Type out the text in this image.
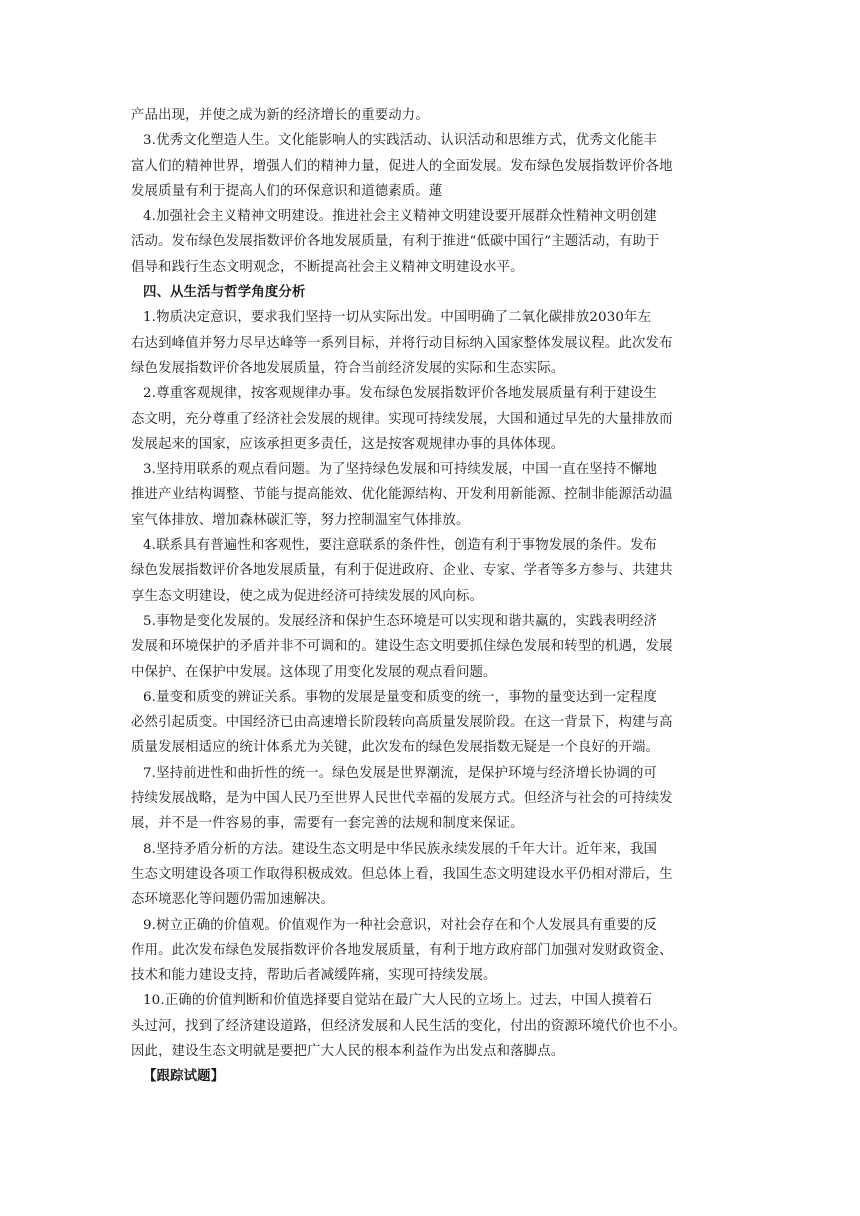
产品出现，并使之成为新的经济增长的重要动力。
3.优秀文化塑造人生。文化能影响人的实践活动、认识活动和思维方式，优秀文化能丰
富人们的精神世界，增强人们的精神力量，促进人的全面发展。发布绿色发展指数评价各地
发展质量有利于提高人们的环保意识和道德素质。蓮
4.加强社会主义精神文明建设。推进社会主义精神文明建设要开展群众性精神文明创建
活动。发布绿色发展指数评价各地发展质量，有利于推进“低碳中国行”主题活动，有助于
倡导和践行生态文明观念，不断提高社会主义精神文明建设水平。
四、从生活与哲学角度分析
1.物质决定意识，要求我们坚持一切从实际出发。中国明确了二氧化碳排放2030年左
右达到峰值并努力尽早达峰等一系列目标，并将行动目标纳入国家整体发展议程。此次发布
绿色发展指数评价各地发展质量，符合当前经济发展的实际和生态实际。
2.尊重客观规律，按客观规律办事。发布绿色发展指数评价各地发展质量有利于建设生
态文明，充分尊重了经济社会发展的规律。实现可持续发展，大国和通过早先的大量排放而
发展起来的国家，应该承担更多责任，这是按客观规律办事的具体体现。
3.坚持用联系的观点看问题。为了坚持绿色发展和可持续发展，中国一直在坚持不懈地
推进产业结构调整、节能与提高能效、优化能源结构、开发利用新能源、控制非能源活动温
室气体排放、增加森林碳汇等，努力控制温室气体排放。
4.联系具有普遍性和客观性，要注意联系的条件性，创造有利于事物发展的条件。发布
绿色发展指数评价各地发展质量，有利于促进政府、企业、专家、学者等多方参与、共建共
享生态文明建设，使之成为促进经济可持续发展的风向标。
5.事物是变化发展的。发展经济和保护生态环境是可以实现和谐共赢的，实践表明经济
发展和环境保护的矛盾并非不可调和的。建设生态文明要抓住绿色发展和转型的机遇，发展
中保护、在保护中发展。这体现了用变化发展的观点看问题。
6.量变和质变的辨证关系。事物的发展是量变和质变的统一，事物的量变达到一定程度
必然引起质变。中国经济已由高速增长阶段转向高质量发展阶段。在这一背景下，构建与高
质量发展相适应的统计体系尤为关键，此次发布的绿色发展指数无疑是一个良好的开端。
7.坚持前进性和曲折性的统一。绿色发展是世界潮流，是保护环境与经济增长协调的可
持续发展战略，是为中国人民乃至世界人民世代幸福的发展方式。但经济与社会的可持续发
展，并不是一件容易的事，需要有一套完善的法规和制度来保证。
8.坚持矛盾分析的方法。建设生态文明是中华民族永续发展的千年大计。近年来，我国
生态文明建设各项工作取得积极成效。但总体上看，我国生态文明建设水平仍相对滞后，生
态环境恶化等问题仍需加速解决。
9.树立正确的价值观。价值观作为一种社会意识，对社会存在和个人发展具有重要的反
作用。此次发布绿色发展指数评价各地发展质量，有利于地方政府部门加强对发财政资金、
技术和能力建设支持，帮助后者减缓阵痛，实现可持续发展。
10.正确的价值判断和价值选择要自觉站在最广大人民的立场上。过去，中国人摸着石
头过河，找到了经济建设道路，但经济发展和人民生活的变化，付出的资源环境代价也不小。
因此，建设生态文明就是要把广大人民的根本利益作为出发点和落脚点。
【跟踪试题】
